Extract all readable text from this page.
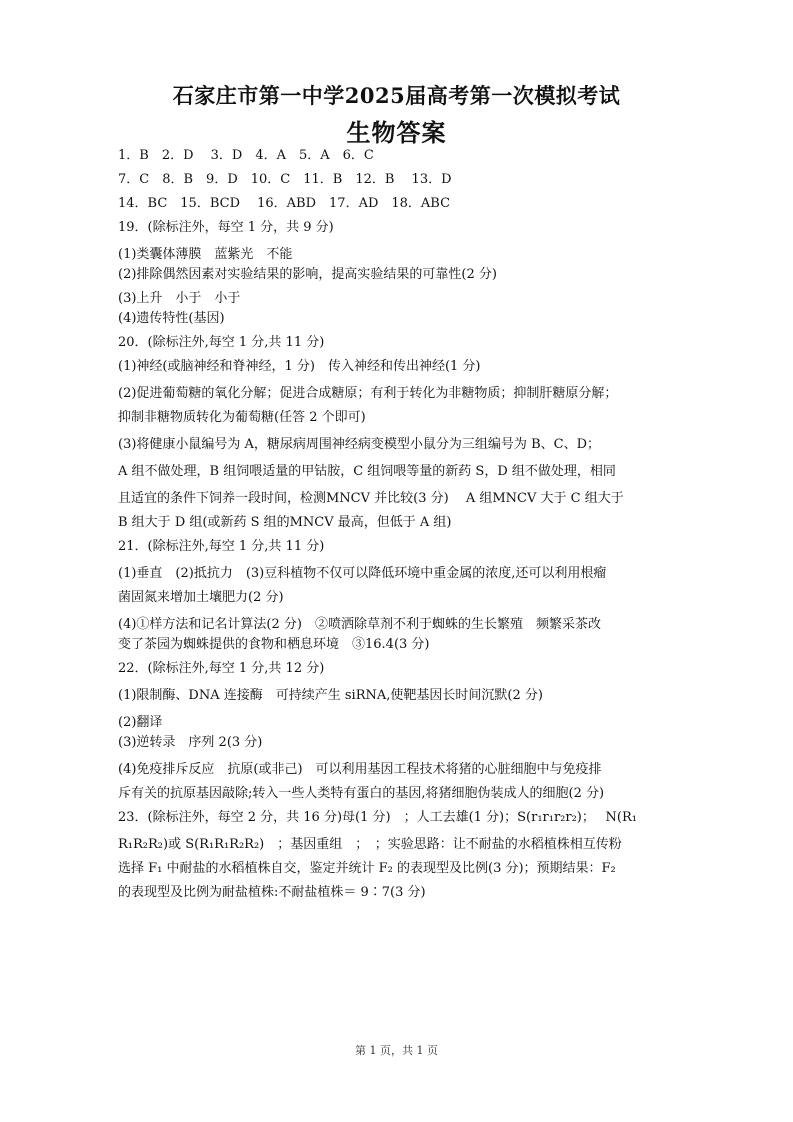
石家庄市第一中学2025届高考第一次模拟考试
生物答案
1．B　2．D　 3．D　4．A　5．A　6．C
7．C　8．B　9．D　10．C　11．B　12．B　 13．D
14．BC　15．BCD　 16．ABD　17．AD　18．ABC
19．(除标注外，每空 1 分，共 9 分)
(1)类囊体薄膜　蓝紫光　不能
(2)排除偶然因素对实验结果的影响，提高实验结果的可靠性(2 分)
(3)上升　小于　小于
(4)遗传特性(基因)
20．(除标注外,每空 1 分,共 11 分)
(1)神经(或脑神经和脊神经，1 分)　传入神经和传出神经(1 分)
(2)促进葡萄糖的氧化分解；促进合成糖原；有利于转化为非糖物质；抑制肝糖原分解；
抑制非糖物质转化为葡萄糖(任答 2 个即可)
(3)将健康小鼠编号为 A，糖尿病周围神经病变模型小鼠分为三组编号为 B、C、D；
A 组不做处理，B 组饲喂适量的甲钴胺，C 组饲喂等量的新药 S，D 组不做处理，相同
且适宜的条件下饲养一段时间，检测MNCV 并比较(3 分)　 A 组MNCV 大于 C 组大于
B 组大于 D 组(或新药 S 组的MNCV 最高，但低于 A 组)
21．(除标注外,每空 1 分,共 11 分)
(1)垂直　(2)抵抗力　(3)豆科植物不仅可以降低环境中重金属的浓度,还可以利用根瘤
菌固氮来增加土壤肥力(2 分)
(4)①样方法和记名计算法(2 分)　②喷洒除草剂不利于蜘蛛的生长繁殖　频繁采茶改
变了茶园为蜘蛛提供的食物和栖息环境　③16.4(3 分)
22．(除标注外,每空 1 分,共 12 分)
(1)限制酶、DNA 连接酶　可持续产生 siRNA,使靶基因长时间沉默(2 分)
(2)翻译
(3)逆转录　序列 2(3 分)
(4)免疫排斥反应　抗原(或非己)　可以利用基因工程技术将猪的心脏细胞中与免疫排
斥有关的抗原基因敲除;转入一些人类特有蛋白的基因,将猪细胞伪装成人的细胞(2 分)
23．(除标注外，每空 2 分，共 16 分)母(1 分)　；人工去雄(1 分)；S(r₁r₁r₂r₂)；　 N(R₁
R₁R₂R₂)或 S(R₁R₁R₂R₂)　；基因重组　；　；实验思路：让不耐盐的水稻植株相互传粉
选择 F₁ 中耐盐的水稻植株自交，鉴定并统计 F₂ 的表现型及比例(3 分)；预期结果：F₂
的表现型及比例为耐盐植株:不耐盐植株＝ 9∶7(3 分)
第 1 页，共 1 页
